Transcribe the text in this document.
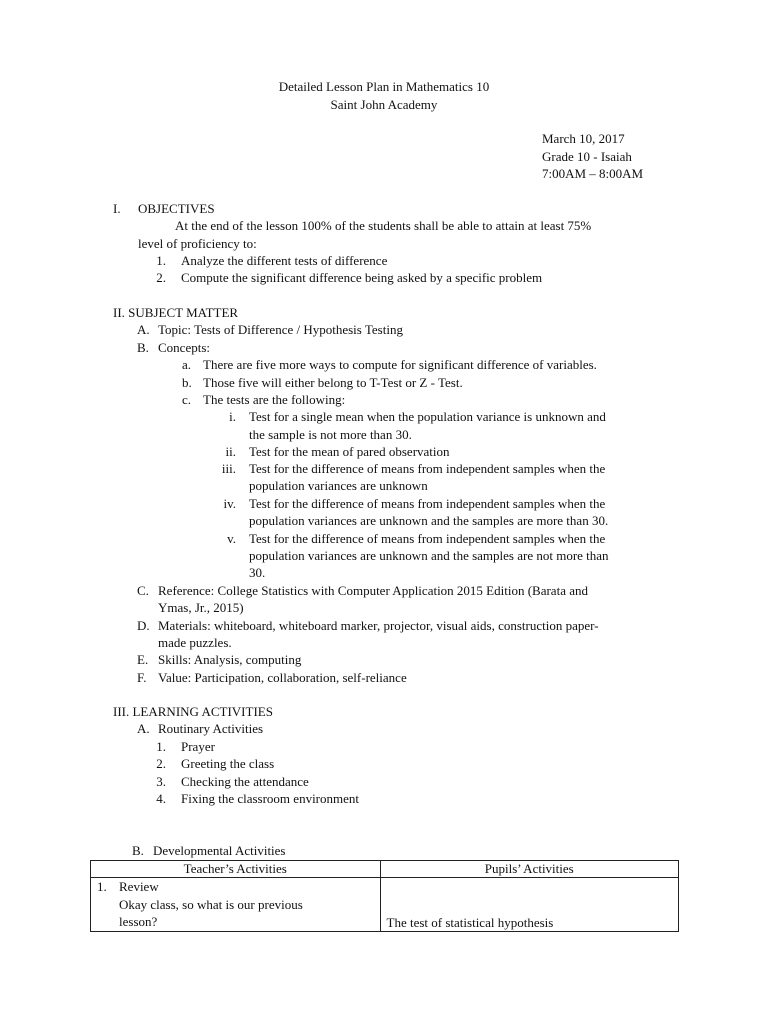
Detailed Lesson Plan in Mathematics 10
Saint John Academy
March 10, 2017
Grade 10 - Isaiah
7:00AM – 8:00AM
I. OBJECTIVES
At the end of the lesson 100% of the students shall be able to attain at least 75%
level of proficiency to:
1. Analyze the different tests of difference
2. Compute the significant difference being asked by a specific problem
II. SUBJECT MATTER
A. Topic: Tests of Difference / Hypothesis Testing
B. Concepts:
a. There are five more ways to compute for significant difference of variables.
b. Those five will either belong to T-Test or Z - Test.
c. The tests are the following:
i. Test for a single mean when the population variance is unknown and
the sample is not more than 30.
ii. Test for the mean of pared observation
iii. Test for the difference of means from independent samples when the
population variances are unknown
iv. Test for the difference of means from independent samples when the
population variances are unknown and the samples are more than 30.
v. Test for the difference of means from independent samples when the
population variances are unknown and the samples are not more than
30.
C. Reference: College Statistics with Computer Application 2015 Edition (Barata and
Ymas, Jr., 2015)
D. Materials: whiteboard, whiteboard marker, projector, visual aids, construction paper-
made puzzles.
E. Skills: Analysis, computing
F. Value: Participation, collaboration, self-reliance
III. LEARNING ACTIVITIES
A. Routinary Activities
1. Prayer
2. Greeting the class
3. Checking the attendance
4. Fixing the classroom environment
B. Developmental Activities
Teacher’s Activities	Pupils’ Activities

1. Review
Okay class, so what is our previous
lesson?	The test of statistical hypothesis
